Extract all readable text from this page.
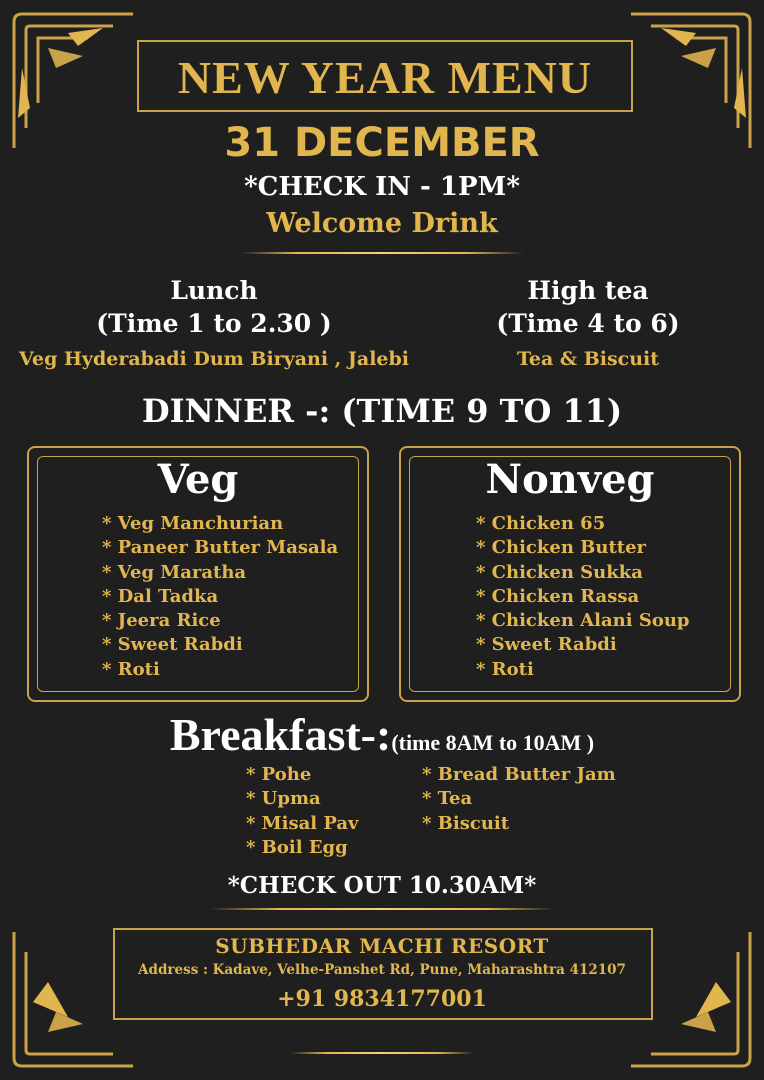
NEW YEAR MENU
31 DECEMBER
*CHECK IN - 1PM*
Welcome Drink
Lunch
(Time 1 to 2.30 )
Veg Hyderabadi Dum Biryani , Jalebi
High tea
(Time 4 to 6)
Tea & Biscuit
DINNER -: (TIME 9 TO 11)
Veg	Nonveg
* Veg Manchurian
* Paneer Butter Masala
* Veg Maratha
* Dal Tadka
* Jeera Rice
* Sweet Rabdi
* Roti
* Chicken 65
* Chicken Butter
* Chicken Sukka
* Chicken Rassa
* Chicken Alani Soup
* Sweet Rabdi
* Roti
Breakfast-:(time 8AM to 10AM )
* Pohe
* Upma
* Misal Pav
* Boil Egg
* Bread Butter Jam
* Tea
* Biscuit
*CHECK OUT 10.30AM*
SUBHEDAR MACHI RESORT
Address : Kadave, Velhe-Panshet Rd, Pune, Maharashtra 412107
+91 9834177001
